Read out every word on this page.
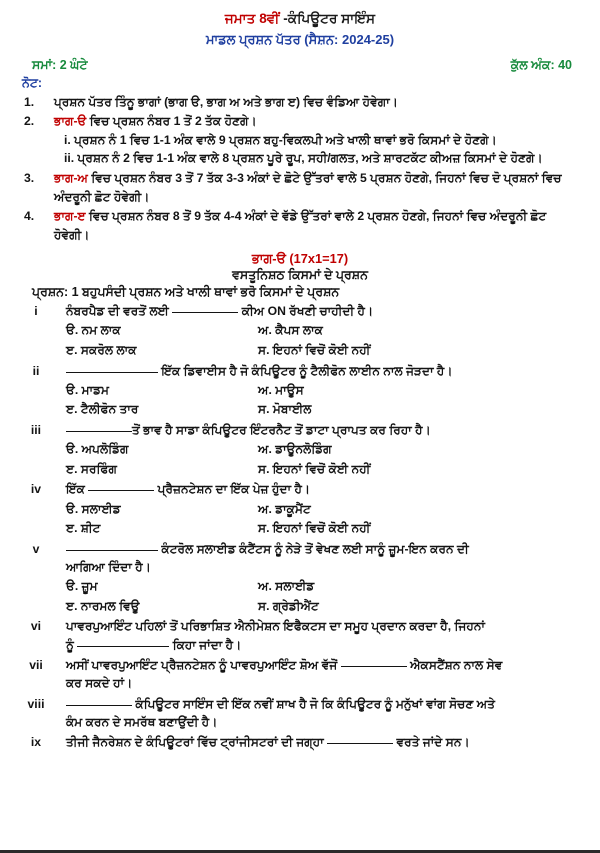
ਜਮਾਤ 8ਵੀਂ -ਕੰਪਿਊਟਰ ਸਾਇੰਸ
ਮਾਡਲ ਪ੍ਰਸ਼ਨ ਪੱਤਰ (ਸੈਸ਼ਨ: 2024-25)
ਸਮਾਂ: 2 ਘੰਟੇ	ਕੁੱਲ ਅੰਕ: 40
ਨੋਟ:
1.	ਪ੍ਰਸ਼ਨ ਪੱਤਰ ਤਿੰਨੂ ਭਾਗਾਂ (ਭਾਗ ੳ, ਭਾਗ ਅ ਅਤੇ ਭਾਗ ੲ) ਵਿਚ ਵੰਡਿਆ ਹੋਵੇਗਾ।
2.	ਭਾਗ-ੳ ਵਿਚ ਪ੍ਰਸ਼ਨ ਨੰਬਰ 1 ਤੋਂ 2 ਤੱਕ ਹੋਣਗੇ।
i. ਪ੍ਰਸ਼ਨ ਨੰ 1 ਵਿਚ 1-1 ਅੰਕ ਵਾਲੇ 9 ਪ੍ਰਸ਼ਨ ਬਹੁ-ਵਿਕਲਪੀ ਅਤੇ ਖਾਲੀ ਥਾਵਾਂ ਭਰੋ ਕਿਸਮਾਂ ਦੇ ਹੋਣਗੇ।
ii. ਪ੍ਰਸ਼ਨ ਨੰ 2 ਵਿਚ 1-1 ਅੰਕ ਵਾਲੇ 8 ਪ੍ਰਸ਼ਨ ਪੂਰੇ ਰੂਪ, ਸਹੀ/ਗਲਤ, ਅਤੇ ਸ਼ਾਰਟਕੱਟ ਕੀਅਜ਼ ਕਿਸਮਾਂ ਦੇ ਹੋਣਗੇ।
3.	ਭਾਗ-ਅ ਵਿਚ ਪ੍ਰਸ਼ਨ ਨੰਬਰ 3 ਤੋਂ 7 ਤੱਕ 3-3 ਅੰਕਾਂ ਦੇ ਛੋਟੇ ਉੱਤਰਾਂ ਵਾਲੇ 5 ਪ੍ਰਸ਼ਨ ਹੋਣਗੇ, ਜਿਹਨਾਂ ਵਿਚ ਦੋ ਪ੍ਰਸ਼ਨਾਂ ਵਿਚ ਅੰਦਰੂਨੀ ਛੋਟ ਹੋਵੇਗੀ।
4.	ਭਾਗ-ੲ ਵਿਚ ਪ੍ਰਸ਼ਨ ਨੰਬਰ 8 ਤੋਂ 9 ਤੱਕ 4-4 ਅੰਕਾਂ ਦੇ ਵੱਡੇ ਉੱਤਰਾਂ ਵਾਲੇ 2 ਪ੍ਰਸ਼ਨ ਹੋਣਗੇ, ਜਿਹਨਾਂ ਵਿਚ ਅੰਦਰੂਨੀ ਛੋਟ ਹੋਵੇਗੀ।
ਭਾਗ-ੳ (17x1=17)
ਵਸਤੂਨਿਸ਼ਠ ਕਿਸਮਾਂ ਦੇ ਪ੍ਰਸ਼ਨ
ਪ੍ਰਸ਼ਨ: 1 ਬਹੁਪਸੰਦੀ ਪ੍ਰਸ਼ਨ ਅਤੇ ਖਾਲੀ ਥਾਵਾਂ ਭਰੋ ਕਿਸਮਾਂ ਦੇ ਪ੍ਰਸ਼ਨ
i	ਨੰਬਰਪੈਡ ਦੀ ਵਰਤੋਂ ਲਈ	ਕੀਅ ON ਰੱਖਣੀ ਚਾਹੀਦੀ ਹੈ।
ੳ. ਨਮ ਲਾਕ	ਅ. ਕੈਪਸ ਲਾਕ
ੲ. ਸਕਰੋਲ ਲਾਕ	ਸ. ਇਹਨਾਂ ਵਿਚੋਂ ਕੋਈ ਨਹੀਂ
ii	ਇੱਕ ਡਿਵਾਈਸ ਹੈ ਜੋ ਕੰਪਿਊਟਰ ਨੂੰ ਟੈਲੀਫੋਨ ਲਾਈਨ ਨਾਲ ਜੋੜਦਾ ਹੈ।
ੳ. ਮਾਡਮ	ਅ. ਮਾਊਸ
ੲ. ਟੈਲੀਫੋਨ ਤਾਰ	ਸ. ਮੋਬਾਈਲ
iii	ਤੋਂ ਭਾਵ ਹੈ ਸਾਡਾ ਕੰਪਿਊਟਰ ਇੰਟਰਨੈਟ ਤੋਂ ਡਾਟਾ ਪ੍ਰਾਪਤ ਕਰ ਰਿਹਾ ਹੈ।
ੳ. ਅਪਲੋਡਿੰਗ	ਅ. ਡਾਊਨਲੋਡਿੰਗ
ੲ. ਸਰਫਿੰਗ	ਸ. ਇਹਨਾਂ ਵਿਚੋਂ ਕੋਈ ਨਹੀਂ
iv	ਇੱਕ	ਪ੍ਰੈਜ਼ਨਟੇਸ਼ਨ ਦਾ ਇੱਕ ਪੇਜ਼ ਹੁੰਦਾ ਹੈ।
ੳ. ਸਲਾਈਡ	ਅ. ਡਾਕੂਮੈਂਟ
ੲ. ਸ਼ੀਟ	ਸ. ਇਹਨਾਂ ਵਿਚੋਂ ਕੋਈ ਨਹੀਂ
v	ਕੰਟਰੋਲ ਸਲਾਈਡ ਕੰਟੈਂਟਸ ਨੂੰ ਨੇੜੇ ਤੋਂ ਵੇਖਣ ਲਈ ਸਾਨੂੰ ਜ਼ੂਮ-ਇਨ ਕਰਨ ਦੀ
ਆਗਿਆ ਦਿੰਦਾ ਹੈ।
ੳ. ਜ਼ੂਮ	ਅ. ਸਲਾਈਡ
ੲ. ਨਾਰਮਲ ਵਿਊ	ਸ. ਗ੍ਰੇਡੀਐਂਟ
vi	ਪਾਵਰਪੁਆਇੰਟ ਪਹਿਲਾਂ ਤੋਂ ਪਰਿਭਾਸ਼ਿਤ ਐਨੀਮੇਸ਼ਨ ਇਫੈਕਟਸ ਦਾ ਸਮੂਹ ਪ੍ਰਦਾਨ ਕਰਦਾ ਹੈ, ਜਿਹਨਾਂ
ਨੂੰ	ਕਿਹਾ ਜਾਂਦਾ ਹੈ।
vii	ਅਸੀਂ ਪਾਵਰਪੁਆਇੰਟ ਪ੍ਰੈਜ਼ਨਟੇਸ਼ਨ ਨੂੰ ਪਾਵਰਪੁਆਇੰਟ ਸ਼ੋਅ ਵੱਜੋਂ	ਐਕਸਟੈਂਸ਼ਨ ਨਾਲ ਸੇਵ
ਕਰ ਸਕਦੇ ਹਾਂ।
viii	ਕੰਪਿਊਟਰ ਸਾਇੰਸ ਦੀ ਇੱਕ ਨਵੀਂ ਸ਼ਾਖ ਹੈ ਜੋ ਕਿ ਕੰਪਿਊਟਰ ਨੂੰ ਮਨੁੱਖਾਂ ਵਾਂਗ ਸੋਚਣ ਅਤੇ
ਕੰਮ ਕਰਨ ਦੇ ਸਮਰੱਥ ਬਣਾਉਂਦੀ ਹੈ।
ix	ਤੀਜੀ ਜੈਨਰੇਸ਼ਨ ਦੇ ਕੰਪਿਊਟਰਾਂ ਵਿੱਚ ਟ੍ਰਾਂਜੀਸਟਰਾਂ ਦੀ ਜਗ੍ਹਾ	ਵਰਤੇ ਜਾਂਦੇ ਸਨ।
